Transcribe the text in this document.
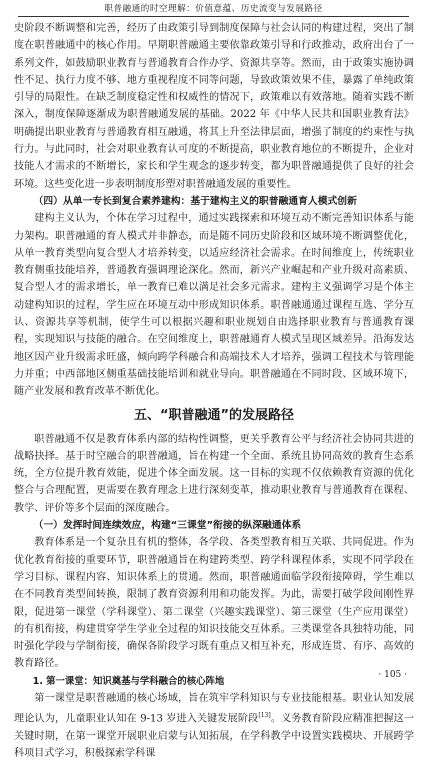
职普融通的时空理解：价值意蕴、历史流变与发展路径

史阶段不断调整和完善，经历了由政策引导到制度保障与社会认同的构建过程，突出了制度在职普融通中的核心作用。早期职普融通主要依靠政策引导和行政推动，政府出台了一系列文件，如鼓励职业教育与普通教育合作办学、资源共享等。然而，由于政策实施协调性不足、执行力度不够、地方重视程度不同等问题，导致政策效果不佳，暴露了单纯政策引导的局限性。在缺乏制度稳定性和权威性的情况下，政策难以有效落地。随着实践不断深入，制度保障逐渐成为职普融通发展的基础。2022 年《中华人民共和国职业教育法》明确提出职业教育与普通教育相互融通，将其上升至法律层面，增强了制度的约束性与执行力。与此同时，社会对职业教育认可度的不断提高，职业教育地位的不断提升，企业对技能人才需求的不断增长，家长和学生观念的逐步转变，都为职普融通提供了良好的社会环境。这些变化进一步表明制度形塑对职普融通发展的重要性。

（四）从单一专长到复合素养建构：基于建构主义的职普融通育人模式创新

建构主义认为，个体在学习过程中，通过实践探索和环境互动不断完善知识体系与能力架构。职普融通的育人模式并非静态，而是随不同历史阶段和区域环境不断调整优化，从单一教育类型向复合型人才培养转变，以适应经济社会需求。在时间维度上，传统职业教育侧重技能培养，普通教育强调理论深化。然而，新兴产业崛起和产业升级对高素质、复合型人才的需求增长，单一教育已难以满足社会多元需求。建构主义强调学习是个体主动建构知识的过程，学生应在环境互动中形成知识体系。职普融通通过课程互选、学分互认、资源共享等机制，使学生可以根据兴趣和职业规划自由选择职业教育与普通教育课程，实现知识与技能的融合。在空间维度上，职普融通育人模式呈现区域差异。沿海发达地区因产业升级需求旺盛，倾向跨学科融合和高端技术人才培养，强调工程技术与管理能力并重；中西部地区侧重基础技能培训和就业导向。职普融通在不同时段、区域环境下，随产业发展和教育改革不断优化。

五、“职普融通”的发展路径

职普融通不仅是教育体系内部的结构性调整，更关乎教育公平与经济社会协同共进的战略抉择。基于时空融合的职普融通，旨在构建一个全面、系统且协同高效的教育生态系统，全方位提升教育效能，促进个体全面发展。这一目标的实现不仅依赖教育资源的优化整合与合理配置，更需要在教育理念上进行深刻变革，推动职业教育与普通教育在课程、教学、评价等多个层面的深度融合。

（一）发挥时间连续效应，构建“三课堂”衔接的纵深融通体系

教育体系是一个复杂且有机的整体，各学段、各类型教育相互关联、共同促进。作为优化教育衔接的重要环节，职普融通旨在构建跨类型、跨学科课程体系，实现不同学段在学习目标、课程内容、知识体系上的贯通。然而，职普融通面临学段衔接障碍，学生难以在不同教育类型间转换，限制了教育资源利用和功能发挥。为此，需要打破学段间刚性界限，促进第一课堂（学科课堂）、第二课堂（兴趣实践课堂）、第三课堂（生产应用课堂）的有机衔接，构建贯穿学生学业全过程的知识技能交互体系。三类课堂各具独特功能，同时强化学段与学制衔接，确保各阶段学习既有重点又相互补充，形成连贯、有序、高效的教育路径。

1. 第一课堂：知识奠基与学科融合的核心阵地

第一课堂是职普融通的核心场域，旨在筑牢学科知识与专业技能根基。职业认知发展理论认为，儿童职业认知在 9-13 岁进入关键发展阶段[13]。义务教育阶段应精准把握这一关键时期，在第一课堂开展职业启蒙与认知拓展，在学科教学中设置实践模块、开展跨学科项目式学习，积极探索学科课

· 105 ·
